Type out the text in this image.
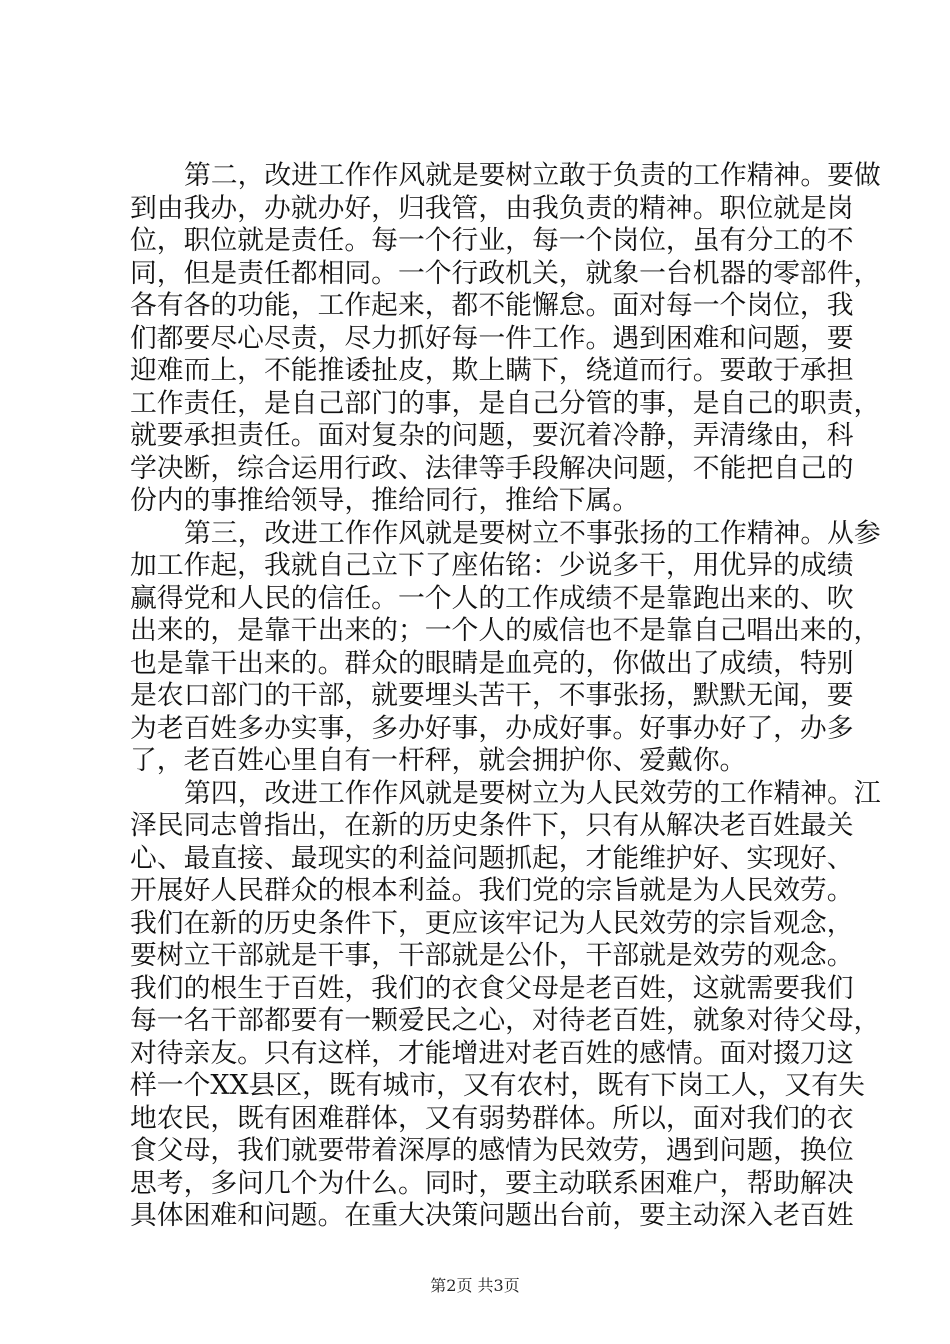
第二，改进工作作风就是要树立敢于负责的工作精神。要做
到由我办，办就办好，归我管，由我负责的精神。职位就是岗
位，职位就是责任。每一个行业，每一个岗位，虽有分工的不
同，但是责任都相同。一个行政机关，就象一台机器的零部件，
各有各的功能，工作起来，都不能懈怠。面对每一个岗位，我
们都要尽心尽责，尽力抓好每一件工作。遇到困难和问题，要
迎难而上，不能推诿扯皮，欺上瞒下，绕道而行。要敢于承担
工作责任，是自己部门的事，是自己分管的事，是自己的职责，
就要承担责任。面对复杂的问题，要沉着冷静，弄清缘由，科
学决断，综合运用行政、法律等手段解决问题，不能把自己的
份内的事推给领导，推给同行，推给下属。
第三，改进工作作风就是要树立不事张扬的工作精神。从参
加工作起，我就自己立下了座佑铭：少说多干，用优异的成绩
赢得党和人民的信任。一个人的工作成绩不是靠跑出来的、吹
出来的，是靠干出来的；一个人的威信也不是靠自己唱出来的，
也是靠干出来的。群众的眼睛是血亮的，你做出了成绩，特别
是农口部门的干部，就要埋头苦干，不事张扬，默默无闻，要
为老百姓多办实事，多办好事，办成好事。好事办好了，办多
了，老百姓心里自有一杆秤，就会拥护你、爱戴你。
第四，改进工作作风就是要树立为人民效劳的工作精神。江
泽民同志曾指出，在新的历史条件下，只有从解决老百姓最关
心、最直接、最现实的利益问题抓起，才能维护好、实现好、
开展好人民群众的根本利益。我们党的宗旨就是为人民效劳。
我们在新的历史条件下，更应该牢记为人民效劳的宗旨观念，
要树立干部就是干事，干部就是公仆，干部就是效劳的观念。
我们的根生于百姓，我们的衣食父母是老百姓，这就需要我们
每一名干部都要有一颗爱民之心，对待老百姓，就象对待父母，
对待亲友。只有这样，才能增进对老百姓的感情。面对掇刀这
样一个XX县区，既有城市，又有农村，既有下岗工人，又有失
地农民，既有困难群体，又有弱势群体。所以，面对我们的衣
食父母，我们就要带着深厚的感情为民效劳，遇到问题，换位
思考，多问几个为什么。同时，要主动联系困难户，帮助解决
具体困难和问题。在重大决策问题出台前，要主动深入老百姓
第2页 共3页
